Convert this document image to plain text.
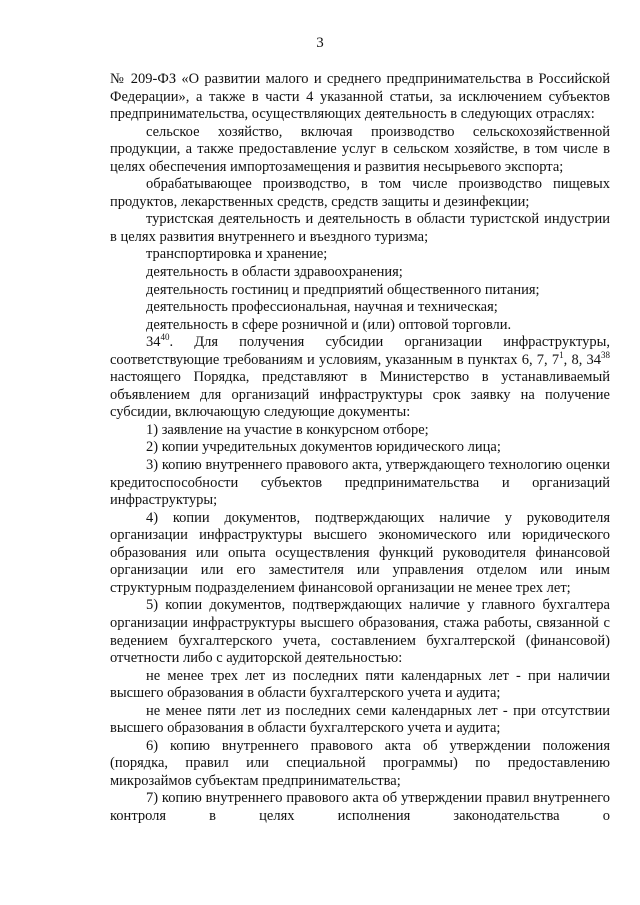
3

№ 209-ФЗ «О развитии малого и среднего предпринимательства в Российской Федерации», а также в части 4 указанной статьи, за исключением субъектов предпринимательства, осуществляющих деятельность в следующих отраслях:

сельское хозяйство, включая производство сельскохозяйственной продукции, а также предоставление услуг в сельском хозяйстве, в том числе в целях обеспечения импортозамещения и развития несырьевого экспорта;

обрабатывающее производство, в том числе производство пищевых продуктов, лекарственных средств, средств защиты и дезинфекции;

туристская деятельность и деятельность в области туристской индустрии в целях развития внутреннего и въездного туризма;

транспортировка и хранение;

деятельность в области здравоохранения;

деятельность гостиниц и предприятий общественного питания;

деятельность профессиональная, научная и техническая;

деятельность в сфере розничной и (или) оптовой торговли.

$34^{40}$. Для получения субсидии организации инфраструктуры, соответствующие требованиям и условиям, указанным в пунктах 6, 7, $7^1$, 8, $34^{38}$ настоящего Порядка, представляют в Министерство в устанавливаемый объявлением для организаций инфраструктуры срок заявку на получение субсидии, включающую следующие документы:

1) заявление на участие в конкурсном отборе;

2) копии учредительных документов юридического лица;

3) копию внутреннего правового акта, утверждающего технологию оценки кредитоспособности субъектов предпринимательства и организаций инфраструктуры;

4) копии документов, подтверждающих наличие у руководителя организации инфраструктуры высшего экономического или юридического образования или опыта осуществления функций руководителя финансовой организации или его заместителя или управления отделом или иным структурным подразделением финансовой организации не менее трех лет;

5) копии документов, подтверждающих наличие у главного бухгалтера организации инфраструктуры высшего образования, стажа работы, связанной с ведением бухгалтерского учета, составлением бухгалтерской (финансовой) отчетности либо с аудиторской деятельностью:

не менее трех лет из последних пяти календарных лет - при наличии высшего образования в области бухгалтерского учета и аудита;

не менее пяти лет из последних семи календарных лет - при отсутствии высшего образования в области бухгалтерского учета и аудита;

6) копию внутреннего правового акта об утверждении положения (порядка, правил или специальной программы) по предоставлению микрозаймов субъектам предпринимательства;

7) копию внутреннего правового акта об утверждении правил внутреннего контроля в целях исполнения законодательства о
